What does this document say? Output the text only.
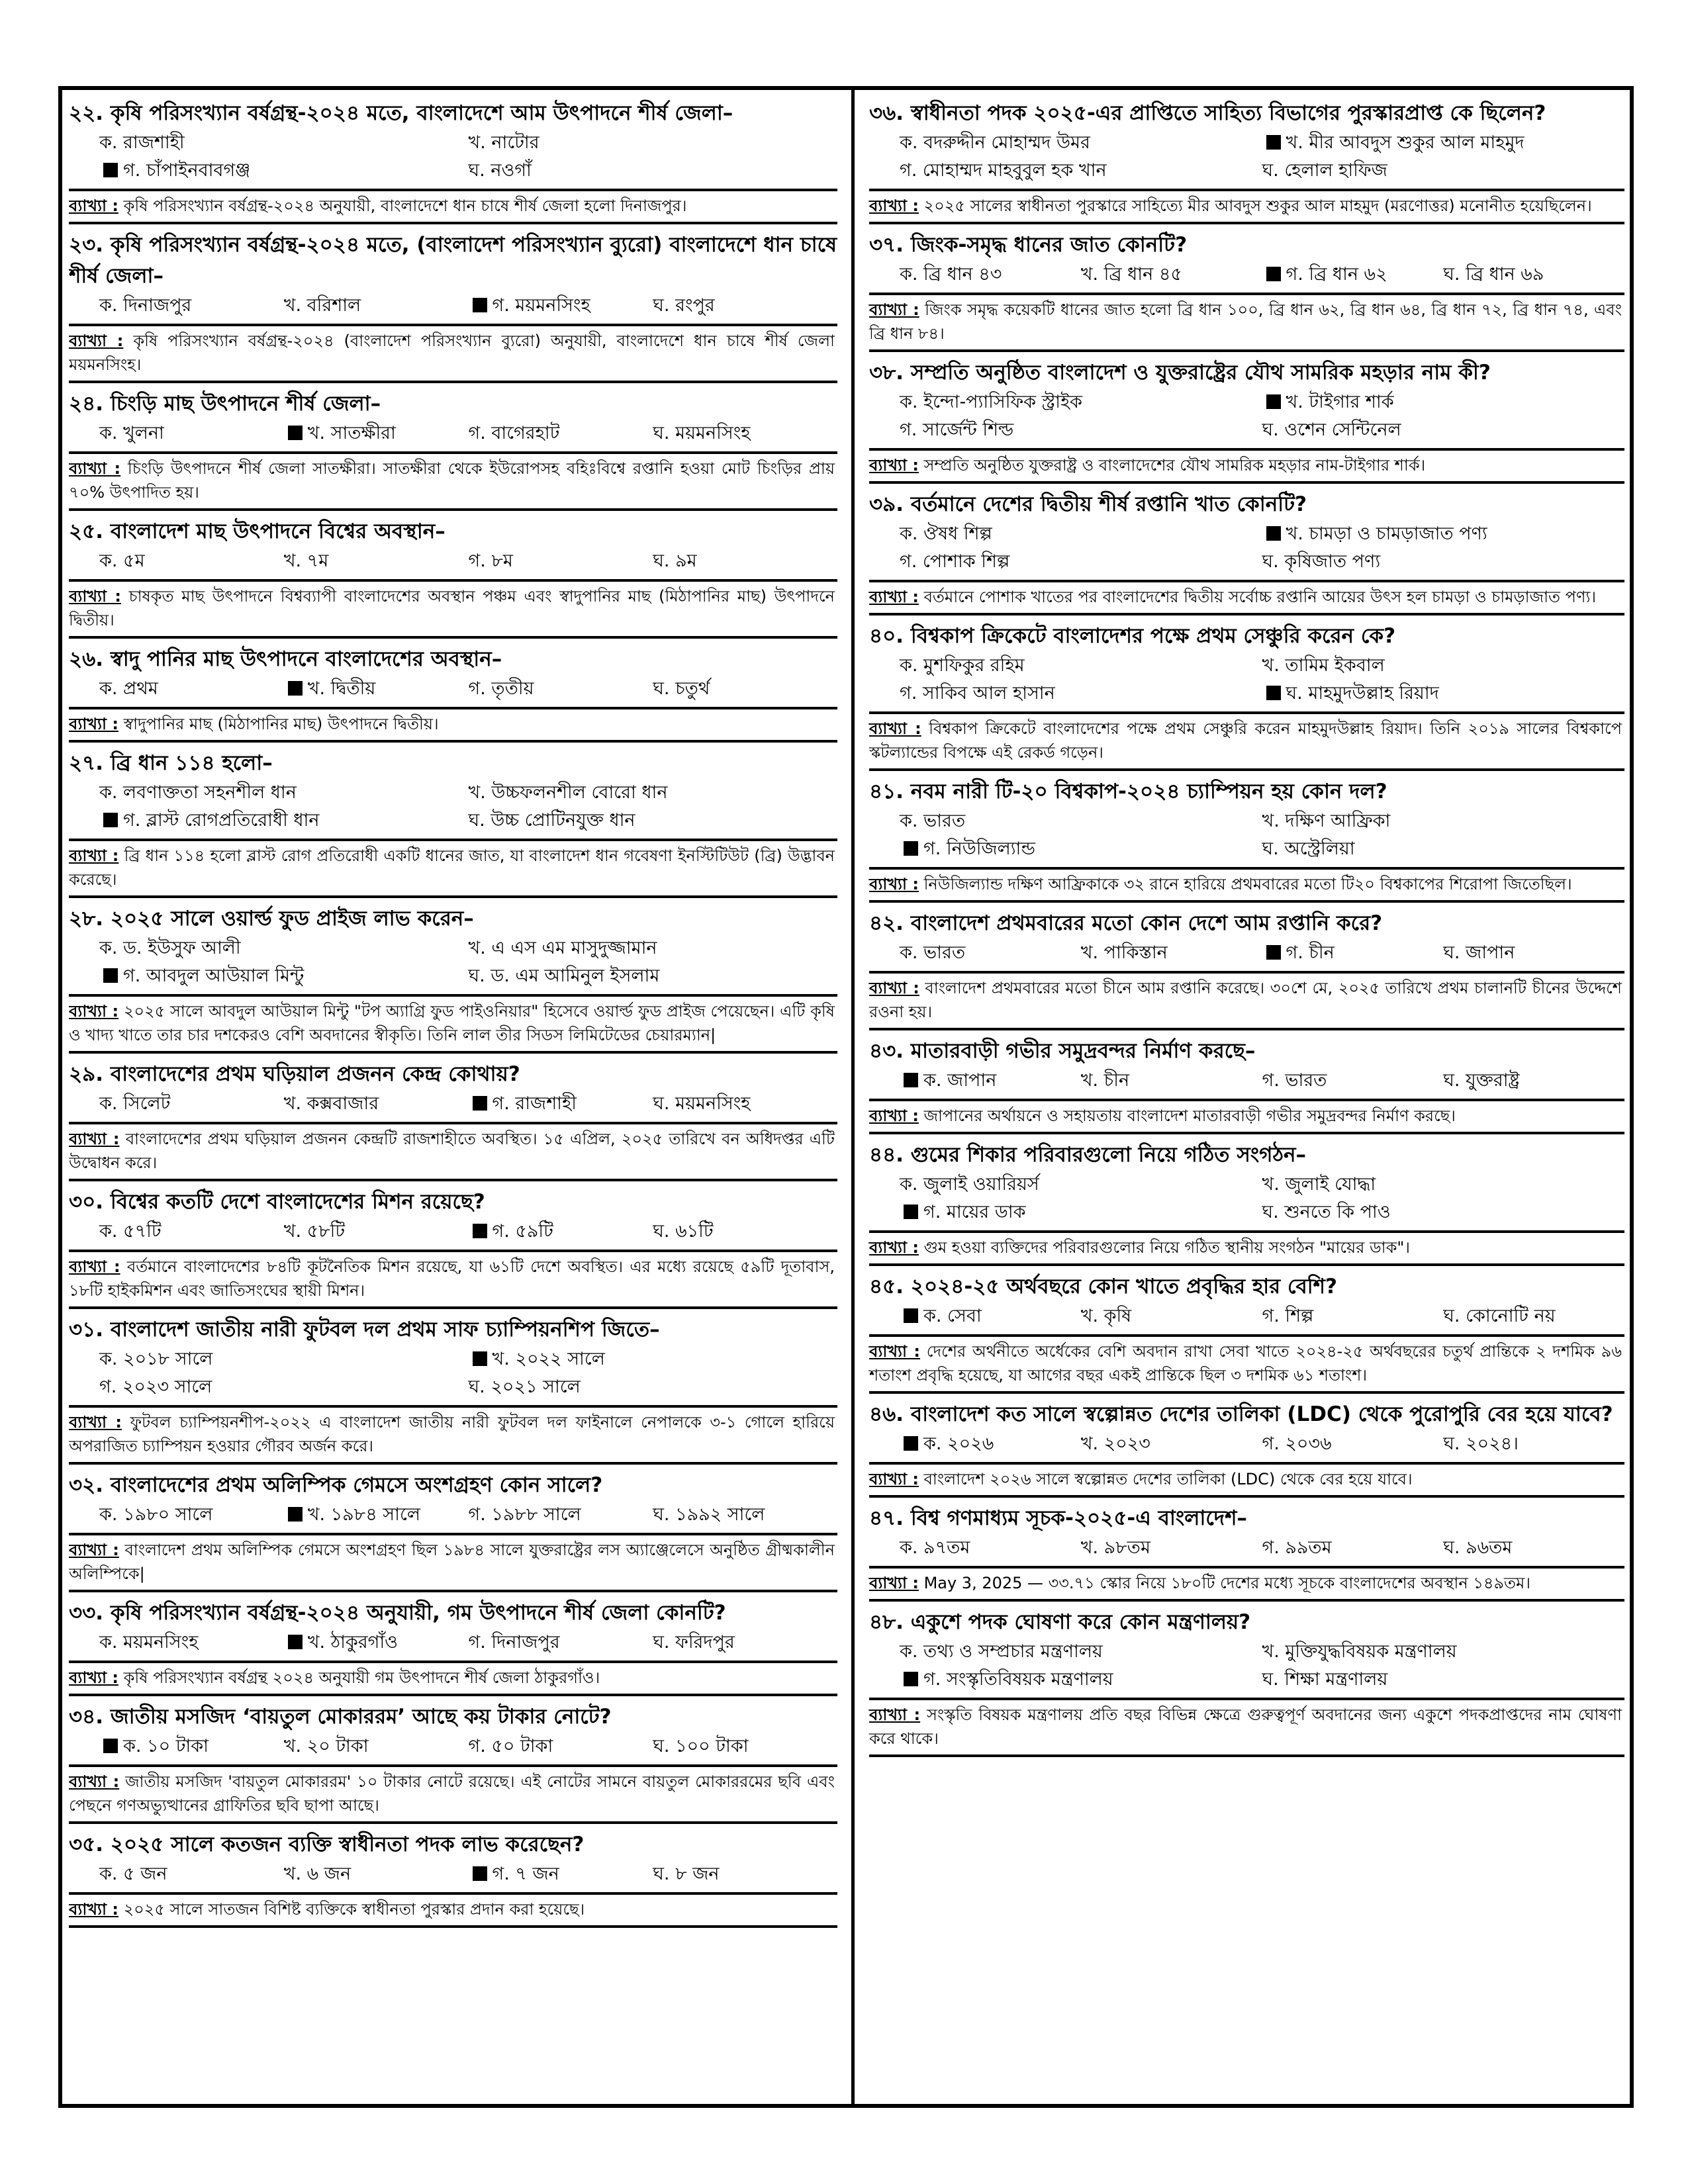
২২. কৃষি পরিসংখ্যান বর্ষগ্রন্থ-২০২৪ মতে, বাংলাদেশে আম উৎপাদনে শীর্ষ জেলা–
ক. রাজশাহী	খ. নাটোর
গ. চাঁপাইনবাবগঞ্জ	ঘ. নওগাঁ
ব্যাখ্যা : কৃষি পরিসংখ্যান বর্ষগ্রন্থ-২০২৪ অনুযায়ী, বাংলাদেশে ধান চাষে শীর্ষ জেলা হলো দিনাজপুর।
২৩. কৃষি পরিসংখ্যান বর্ষগ্রন্থ-২০২৪ মতে, (বাংলাদেশ পরিসংখ্যান ব্যুরো) বাংলাদেশে ধান চাষে শীর্ষ জেলা–
ক. দিনাজপুর	খ. বরিশাল	গ. ময়মনসিংহ	ঘ. রংপুর
ব্যাখ্যা : কৃষি পরিসংখ্যান বর্ষগ্রন্থ-২০২৪ (বাংলাদেশ পরিসংখ্যান ব্যুরো) অনুযায়ী, বাংলাদেশে ধান চাষে শীর্ষ জেলা ময়মনসিংহ।
২৪. চিংড়ি মাছ উৎপাদনে শীর্ষ জেলা–
ক. খুলনা	খ. সাতক্ষীরা	গ. বাগেরহাট	ঘ. ময়মনসিংহ
ব্যাখ্যা : চিংড়ি উৎপাদনে শীর্ষ জেলা সাতক্ষীরা। সাতক্ষীরা থেকে ইউরোপসহ বহিঃবিশ্বে রপ্তানি হওয়া মোট চিংড়ির প্রায় ৭০% উৎপাদিত হয়।
২৫. বাংলাদেশ মাছ উৎপাদনে বিশ্বের অবস্থান–
ক. ৫ম	খ. ৭ম	গ. ৮ম	ঘ. ৯ম
ব্যাখ্যা : চাষকৃত মাছ উৎপাদনে বিশ্বব্যাপী বাংলাদেশের অবস্থান পঞ্চম এবং স্বাদুপানির মাছ (মিঠাপানির মাছ) উৎপাদনে দ্বিতীয়।
২৬. স্বাদু পানির মাছ উৎপাদনে বাংলাদেশের অবস্থান–
ক. প্রথম	খ. দ্বিতীয়	গ. তৃতীয়	ঘ. চতুর্থ
ব্যাখ্যা : স্বাদুপানির মাছ (মিঠাপানির মাছ) উৎপাদনে দ্বিতীয়।
২৭. ব্রি ধান ১১৪ হলো–
ক. লবণাক্ততা সহনশীল ধান	খ. উচ্চফলনশীল বোরো ধান
গ. ব্লাস্ট রোগপ্রতিরোধী ধান	ঘ. উচ্চ প্রোটিনযুক্ত ধান
ব্যাখ্যা : ব্রি ধান ১১৪ হলো ব্লাস্ট রোগ প্রতিরোধী একটি ধানের জাত, যা বাংলাদেশ ধান গবেষণা ইনস্টিটিউট (ব্রি) উদ্ভাবন করেছে।
২৮. ২০২৫ সালে ওয়ার্ল্ড ফুড প্রাইজ লাভ করেন–
ক. ড. ইউসুফ আলী	খ. এ এস এম মাসুদুজ্জামান
গ. আবদুল আউয়াল মিন্টু	ঘ. ড. এম আমিনুল ইসলাম
ব্যাখ্যা : ২০২৫ সালে আবদুল আউয়াল মিন্টু "টপ অ্যাগ্রি ফুড পাইওনিয়ার" হিসেবে ওয়ার্ল্ড ফুড প্রাইজ পেয়েছেন। এটি কৃষি ও খাদ্য খাতে তার চার দশকেরও বেশি অবদানের স্বীকৃতি। তিনি লাল তীর সিডস লিমিটেডের চেয়ারম্যান|
২৯. বাংলাদেশের প্রথম ঘড়িয়াল প্রজনন কেন্দ্র কোথায়?
ক. সিলেট	খ. কক্সবাজার	গ. রাজশাহী	ঘ. ময়মনসিংহ
ব্যাখ্যা : বাংলাদেশের প্রথম ঘড়িয়াল প্রজনন কেন্দ্রটি রাজশাহীতে অবস্থিত। ১৫ এপ্রিল, ২০২৫ তারিখে বন অধিদপ্তর এটি উদ্বোধন করে।
৩০. বিশ্বের কতটি দেশে বাংলাদেশের মিশন রয়েছে?
ক. ৫৭টি	খ. ৫৮টি	গ. ৫৯টি	ঘ. ৬১টি
ব্যাখ্যা : বর্তমানে বাংলাদেশের ৮৪টি কূটনৈতিক মিশন রয়েছে, যা ৬১টি দেশে অবস্থিত। এর মধ্যে রয়েছে ৫৯টি দূতাবাস, ১৮টি হাইকমিশন এবং জাতিসংঘের স্থায়ী মিশন।
৩১. বাংলাদেশ জাতীয় নারী ফুটবল দল প্রথম সাফ চ্যাম্পিয়নশিপ জিতে–
ক. ২০১৮ সালে	খ. ২০২২ সালে
গ. ২০২৩ সালে	ঘ. ২০২১ সালে
ব্যাখ্যা : ফুটবল চ্যাম্পিয়নশীপ-২০২২ এ বাংলাদেশ জাতীয় নারী ফুটবল দল ফাইনালে নেপালকে ৩-১ গোলে হারিয়ে অপরাজিত চ্যাম্পিয়ন হওয়ার গৌরব অর্জন করে।
৩২. বাংলাদেশের প্রথম অলিম্পিক গেমসে অংশগ্রহণ কোন সালে?
ক. ১৯৮০ সালে	খ. ১৯৮৪ সালে	গ. ১৯৮৮ সালে	ঘ. ১৯৯২ সালে
ব্যাখ্যা : বাংলাদেশ প্রথম অলিম্পিক গেমসে অংশগ্রহণ ছিল ১৯৮৪ সালে যুক্তরাষ্ট্রের লস অ্যাঞ্জেলেসে অনুষ্ঠিত গ্রীষ্মকালীন অলিম্পিকে|
৩৩. কৃষি পরিসংখ্যান বর্ষগ্রন্থ-২০২৪ অনুযায়ী, গম উৎপাদনে শীর্ষ জেলা কোনটি?
ক. ময়মনসিংহ	খ. ঠাকুরগাঁও	গ. দিনাজপুর	ঘ. ফরিদপুর
ব্যাখ্যা : কৃষি পরিসংখ্যান বর্ষগ্রন্থ ২০২৪ অনুযায়ী গম উৎপাদনে শীর্ষ জেলা ঠাকুরগাঁও।
৩৪. জাতীয় মসজিদ ‘বায়তুল মোকাররম’ আছে কয় টাকার নোটে?
ক. ১০ টাকা	খ. ২০ টাকা	গ. ৫০ টাকা	ঘ. ১০০ টাকা
ব্যাখ্যা : জাতীয় মসজিদ 'বায়তুল মোকাররম' ১০ টাকার নোটে রয়েছে। এই নোটের সামনে বায়তুল মোকাররমের ছবি এবং পেছনে গণঅভ্যুত্থানের গ্রাফিতির ছবি ছাপা আছে।
৩৫. ২০২৫ সালে কতজন ব্যক্তি স্বাধীনতা পদক লাভ করেছেন?
ক. ৫ জন	খ. ৬ জন	গ. ৭ জন	ঘ. ৮ জন
ব্যাখ্যা : ২০২৫ সালে সাতজন বিশিষ্ট ব্যক্তিকে স্বাধীনতা পুরস্কার প্রদান করা হয়েছে।
৩৬. স্বাধীনতা পদক ২০২৫-এর প্রাপ্তিতে সাহিত্য বিভাগের পুরস্কারপ্রাপ্ত কে ছিলেন?
ক. বদরুদ্দীন মোহাম্মদ উমর	খ. মীর আবদুস শুকুর আল মাহমুদ
গ. মোহাম্মদ মাহবুবুল হক খান	ঘ. হেলাল হাফিজ
ব্যাখ্যা : ২০২৫ সালের স্বাধীনতা পুরস্কারে সাহিত্যে মীর আবদুস শুকুর আল মাহমুদ (মরণোত্তর) মনোনীত হয়েছিলেন।
৩৭. জিংক-সমৃদ্ধ ধানের জাত কোনটি?
ক. ব্রি ধান ৪৩	খ. ব্রি ধান ৪৫	গ. ব্রি ধান ৬২	ঘ. ব্রি ধান ৬৯
ব্যাখ্যা : জিংক সমৃদ্ধ কয়েকটি ধানের জাত হলো ব্রি ধান ১০০, ব্রি ধান ৬২, ব্রি ধান ৬৪, ব্রি ধান ৭২, ব্রি ধান ৭৪, এবং ব্রি ধান ৮৪।
৩৮. সম্প্রতি অনুষ্ঠিত বাংলাদেশ ও যুক্তরাষ্ট্রের যৌথ সামরিক মহড়ার নাম কী?
ক. ইন্দো-প্যাসিফিক স্ট্রাইক	খ. টাইগার শার্ক
গ. সার্জেন্ট শিল্ড	ঘ. ওশেন সেন্টিনেল
ব্যাখ্যা : সম্প্রতি অনুষ্ঠিত যুক্তরাষ্ট্র ও বাংলাদেশের যৌথ সামরিক মহড়ার নাম-টাইগার শার্ক।
৩৯. বর্তমানে দেশের দ্বিতীয় শীর্ষ রপ্তানি খাত কোনটি?
ক. ঔষধ শিল্প	খ. চামড়া ও চামড়াজাত পণ্য
গ. পোশাক শিল্প	ঘ. কৃষিজাত পণ্য
ব্যাখ্যা : বর্তমানে পোশাক খাতের পর বাংলাদেশের দ্বিতীয় সর্বোচ্চ রপ্তানি আয়ের উৎস হল চামড়া ও চামড়াজাত পণ্য।
৪০. বিশ্বকাপ ক্রিকেটে বাংলাদেশর পক্ষে প্রথম সেঞ্চুরি করেন কে?
ক. মুশফিকুর রহিম	খ. তামিম ইকবাল
গ. সাকিব আল হাসান	ঘ. মাহমুদউল্লাহ রিয়াদ
ব্যাখ্যা : বিশ্বকাপ ক্রিকেটে বাংলাদেশের পক্ষে প্রথম সেঞ্চুরি করেন মাহমুদউল্লাহ রিয়াদ। তিনি ২০১৯ সালের বিশ্বকাপে স্কটল্যান্ডের বিপক্ষে এই রেকর্ড গড়েন।
৪১. নবম নারী টি-২০ বিশ্বকাপ-২০২৪ চ্যাম্পিয়ন হয় কোন দল?
ক. ভারত	খ. দক্ষিণ আফ্রিকা
গ. নিউজিল্যান্ড	ঘ. অস্ট্রেলিয়া
ব্যাখ্যা : নিউজিল্যান্ড দক্ষিণ আফ্রিকাকে ৩২ রানে হারিয়ে প্রথমবারের মতো টি২০ বিশ্বকাপের শিরোপা জিতেছিল।
৪২. বাংলাদেশ প্রথমবারের মতো কোন দেশে আম রপ্তানি করে?
ক. ভারত	খ. পাকিস্তান	গ. চীন	ঘ. জাপান
ব্যাখ্যা : বাংলাদেশ প্রথমবারের মতো চীনে আম রপ্তানি করেছে। ৩০শে মে, ২০২৫ তারিখে প্রথম চালানটি চীনের উদ্দেশে রওনা হয়।
৪৩. মাতারবাড়ী গভীর সমুদ্রবন্দর নির্মাণ করছে–
ক. জাপান	খ. চীন	গ. ভারত	ঘ. যুক্তরাষ্ট্র
ব্যাখ্যা : জাপানের অর্থায়নে ও সহায়তায় বাংলাদেশ মাতারবাড়ী গভীর সমুদ্রবন্দর নির্মাণ করছে।
৪৪. গুমের শিকার পরিবারগুলো নিয়ে গঠিত সংগঠন–
ক. জুলাই ওয়ারিয়র্স	খ. জুলাই যোদ্ধা
গ. মায়ের ডাক	ঘ. শুনতে কি পাও
ব্যাখ্যা : গুম হওয়া ব্যক্তিদের পরিবারগুলোর নিয়ে গঠিত স্থানীয় সংগঠন "মায়ের ডাক"।
৪৫. ২০২৪-২৫ অর্থবছরে কোন খাতে প্রবৃদ্ধির হার বেশি?
ক. সেবা	খ. কৃষি	গ. শিল্প	ঘ. কোনোটি নয়
ব্যাখ্যা : দেশের অর্থনীতে অর্ধেকের বেশি অবদান রাখা সেবা খাতে ২০২৪-২৫ অর্থবছরের চতুর্থ প্রান্তিকে ২ দশমিক ৯৬ শতাংশ প্রবৃদ্ধি হয়েছে, যা আগের বছর একই প্রান্তিকে ছিল ৩ দশমিক ৬১ শতাংশ।
৪৬. বাংলাদেশ কত সালে স্বল্পোন্নত দেশের তালিকা (LDC) থেকে পুরোপুরি বের হয়ে যাবে?
ক. ২০২৬	খ. ২০২৩	গ. ২০৩৬	ঘ. ২০২৪।
ব্যাখ্যা : বাংলাদেশ ২০২৬ সালে স্বল্পোন্নত দেশের তালিকা (LDC) থেকে বের হয়ে যাবে।
৪৭. বিশ্ব গণমাধ্যম সূচক-২০২৫-এ বাংলাদেশ–
ক. ৯৭তম	খ. ৯৮তম	গ. ৯৯তম	ঘ. ৯৬তম
ব্যাখ্যা : May 3, 2025 — ৩৩.৭১ স্কোর নিয়ে ১৮০টি দেশের মধ্যে সূচকে বাংলাদেশের অবস্থান ১৪৯তম।
৪৮. একুশে পদক ঘোষণা করে কোন মন্ত্রণালয়?
ক. তথ্য ও সম্প্রচার মন্ত্রণালয়	খ. মুক্তিযুদ্ধবিষয়ক মন্ত্রণালয়
গ. সংস্কৃতিবিষয়ক মন্ত্রণালয়	ঘ. শিক্ষা মন্ত্রণালয়
ব্যাখ্যা : সংস্কৃতি বিষয়ক মন্ত্রণালয় প্রতি বছর বিভিন্ন ক্ষেত্রে গুরুত্বপূর্ণ অবদানের জন্য একুশে পদকপ্রাপ্তদের নাম ঘোষণা করে থাকে।
